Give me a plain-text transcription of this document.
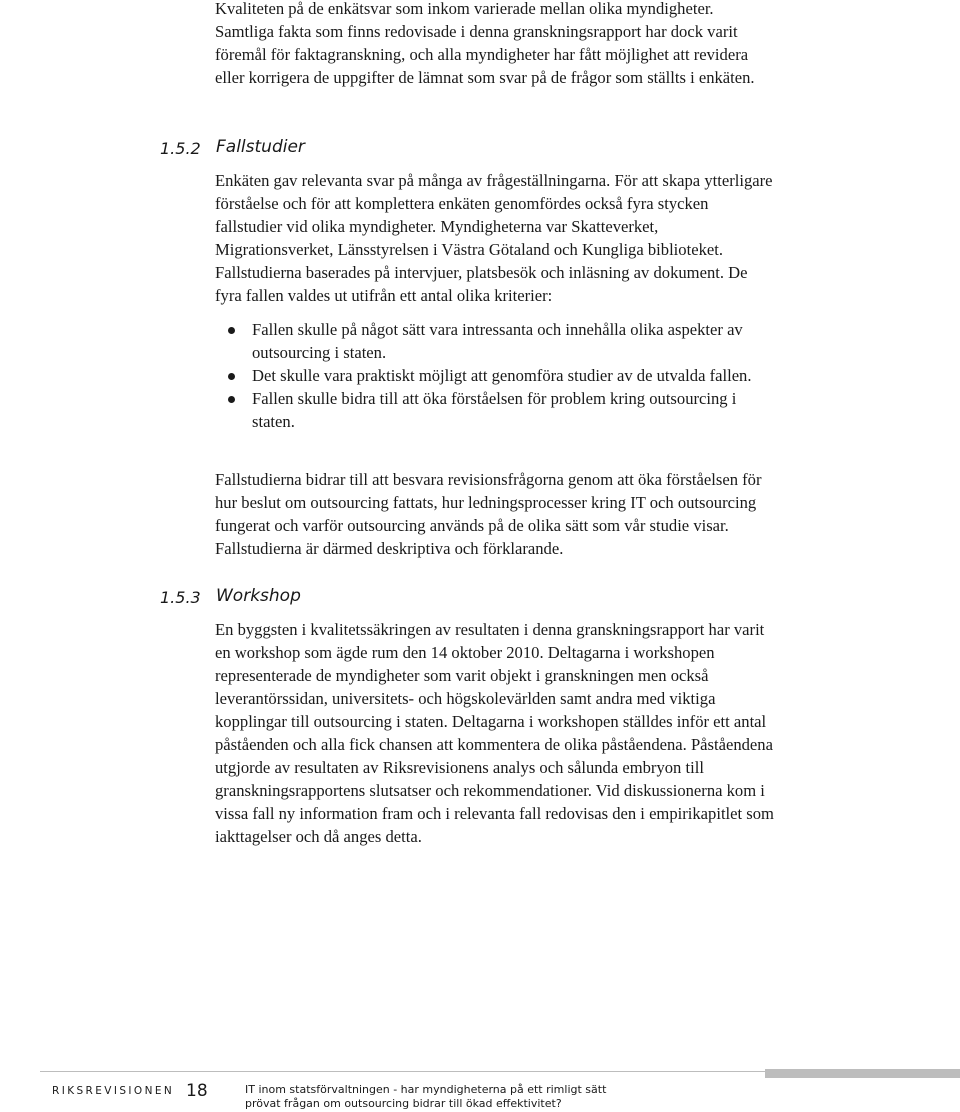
Kvaliteten på de enkätsvar som inkom varierade mellan olika myndigheter. Samtliga fakta som finns redovisade i denna granskningsrapport har dock varit föremål för faktagranskning, och alla myndigheter har fått möjlighet att revidera eller korrigera de uppgifter de lämnat som svar på de frågor som ställts i enkäten.

1.5.2 Fallstudier

Enkäten gav relevanta svar på många av frågeställningarna. För att skapa ytterligare förståelse och för att komplettera enkäten genomfördes också fyra stycken fallstudier vid olika myndigheter. Myndigheterna var Skatteverket, Migrationsverket, Länsstyrelsen i Västra Götaland och Kungliga biblioteket. Fallstudierna baserades på intervjuer, platsbesök och inläsning av dokument. De fyra fallen valdes ut utifrån ett antal olika kriterier:

Fallen skulle på något sätt vara intressanta och innehålla olika aspekter av outsourcing i staten.
Det skulle vara praktiskt möjligt att genomföra studier av de utvalda fallen.
Fallen skulle bidra till att öka förståelsen för problem kring outsourcing i staten.

Fallstudierna bidrar till att besvara revisionsfrågorna genom att öka förståelsen för hur beslut om outsourcing fattats, hur ledningsprocesser kring IT och outsourcing fungerat och varför outsourcing används på de olika sätt som vår studie visar. Fallstudierna är därmed deskriptiva och förklarande.

1.5.3 Workshop

En byggsten i kvalitetssäkringen av resultaten i denna granskningsrapport har varit en workshop som ägde rum den 14 oktober 2010. Deltagarna i workshopen representerade de myndigheter som varit objekt i granskningen men också leverantörssidan, universitets- och högskolevärlden samt andra med viktiga kopplingar till outsourcing i staten. Deltagarna i workshopen ställdes inför ett antal påståenden och alla fick chansen att kommentera de olika påståendena. Påståendena utgjorde av resultaten av Riksrevisionens analys och sålunda embryon till granskningsrapportens slutsatser och rekommendationer. Vid diskussionerna kom i vissa fall ny information fram och i relevanta fall redovisas den i empirikapitlet som iakttagelser och då anges detta.

RIKSREVISIONEN 18	IT inom statsförvaltningen - har myndigheterna på ett rimligt sätt
prövat frågan om outsourcing bidrar till ökad effektivitet?
